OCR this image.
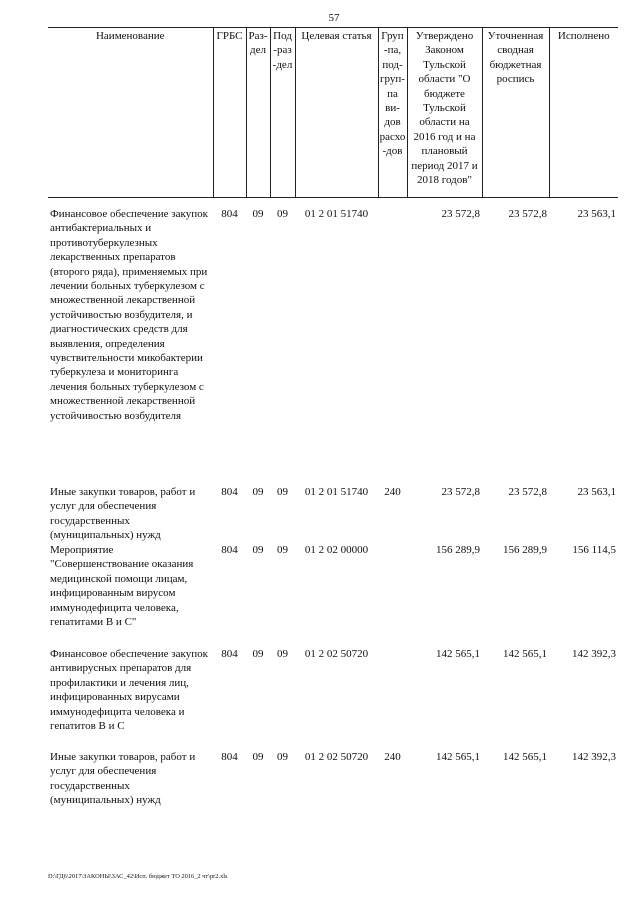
57
Наименование	ГРБС	Раз-дел	Под-раз-дел	Целевая статья	Груп-па, под-груп-па ви-дов расхо-дов	Утверждено Законом Тульской области "О бюджете Тульской области на 2016 год и на плановый период 2017 и 2018 годов"	Уточненная сводная бюджетная роспись	Исполнено

Финансовое обеспечение закупок антибактериальных и противотуберкулезных лекарственных препаратов (второго ряда), применяемых при лечении больных туберкулезом с множественной лекарственной устойчивостью возбудителя, и диагностических средств для выявления, определения чувствительности микобактерии туберкулеза и мониторинга лечения больных туберкулезом с множественной лекарственной устойчивостью возбудителя	804	09	09	01 2 01 51740		23 572,8	23 572,8	23 563,1
Иные закупки товаров, работ и услуг для обеспечения государственных (муниципальных) нужд	804	09	09	01 2 01 51740	240	23 572,8	23 572,8	23 563,1
Мероприятие "Совершенствование оказания медицинской помощи лицам, инфицированным вирусом иммунодефицита человека, гепатитами В и С"	804	09	09	01 2 02 00000		156 289,9	156 289,9	156 114,5
Финансовое обеспечение закупок антивирусных препаратов для профилактики и лечения лиц, инфицированных вирусами иммунодефицита человека и гепатитов В и С	804	09	09	01 2 02 50720		142 565,1	142 565,1	142 392,3
Иные закупки товаров, работ и услуг для обеспечения государственных (муниципальных) нужд	804	09	09	01 2 02 50720	240	142 565,1	142 565,1	142 392,3
D:\ГД6\2017\ЗАКОНЫ\ЗАС_42\Исп. бюджет ТО 2016_2 чт\pr2.xls
